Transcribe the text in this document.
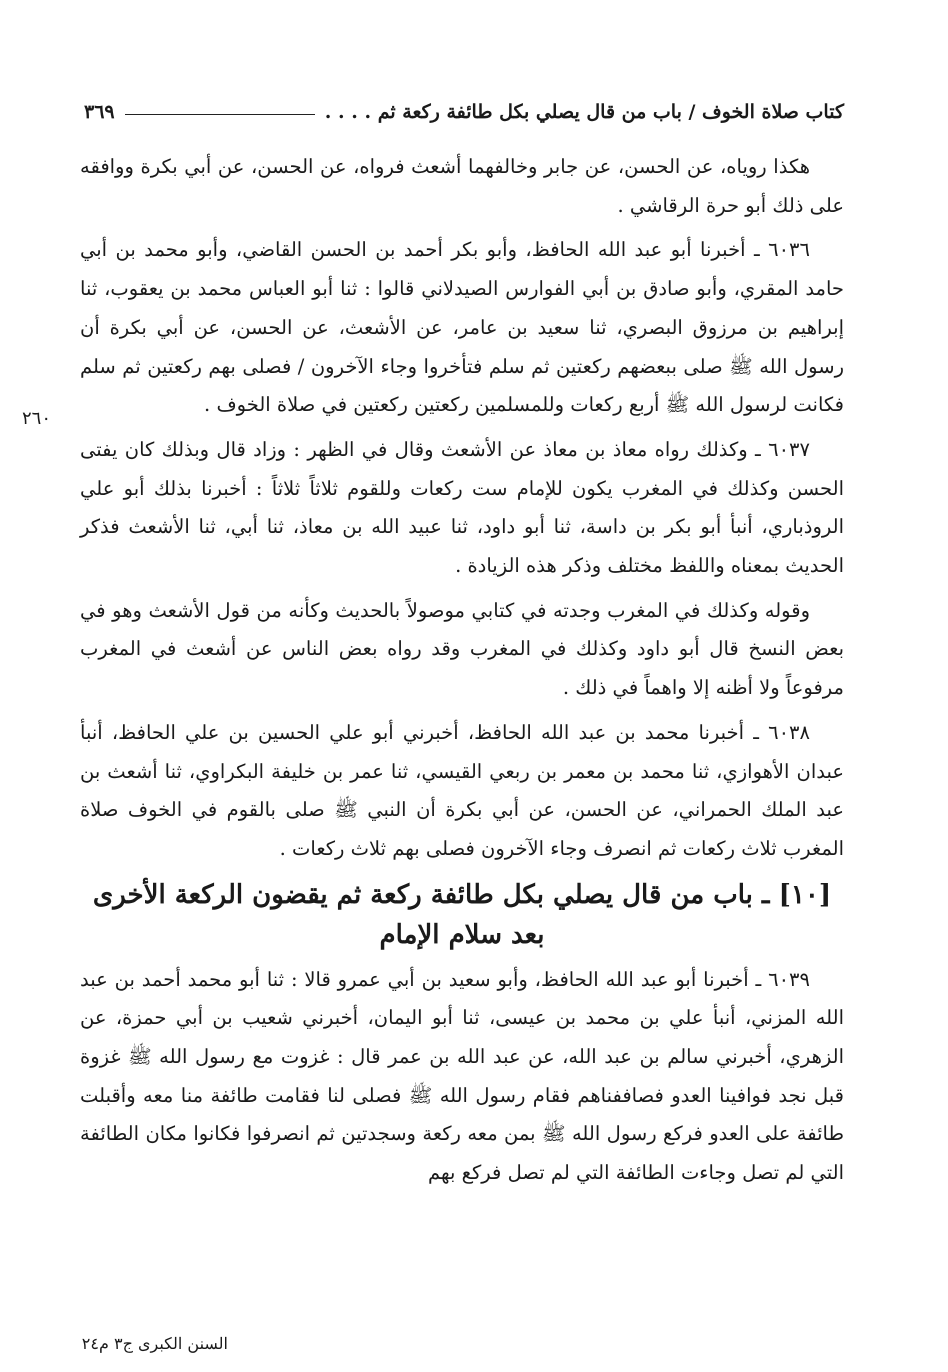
كتاب صلاة الخوف / باب من قال يصلي بكل طائفة ركعة ثم . . . .
٣٦٩
٢٦٠

هكذا روياه، عن الحسن، عن جابر وخالفهما أشعث فرواه، عن الحسن، عن أبي بكرة ووافقه على ذلك أبو حرة الرقاشي .

٦٠٣٦ ـ أخبرنا أبو عبد الله الحافظ، وأبو بكر أحمد بن الحسن القاضي، وأبو محمد بن أبي حامد المقري، وأبو صادق بن أبي الفوارس الصيدلاني قالوا : ثنا أبو العباس محمد بن يعقوب، ثنا إبراهيم بن مرزوق البصري، ثنا سعيد بن عامر، عن الأشعث، عن الحسن، عن أبي بكرة أن رسول الله ﷺ صلى ببعضهم ركعتين ثم سلم فتأخروا وجاء الآخرون / فصلى بهم ركعتين ثم سلم فكانت لرسول الله ﷺ أربع ركعات وللمسلمين ركعتين ركعتين في صلاة الخوف .

٦٠٣٧ ـ وكذلك رواه معاذ بن معاذ عن الأشعث وقال في الظهر : وزاد قال وبذلك كان يفتى الحسن وكذلك في المغرب يكون للإمام ست ركعات وللقوم ثلاثاً ثلاثاً : أخبرنا بذلك أبو علي الروذباري، أنبأ أبو بكر بن داسة، ثنا أبو داود، ثنا عبيد الله بن معاذ، ثنا أبي، ثنا الأشعث فذكر الحديث بمعناه واللفظ مختلف وذكر هذه الزيادة .

وقوله وكذلك في المغرب وجدته في كتابي موصولاً بالحديث وكأنه من قول الأشعث وهو في بعض النسخ قال أبو داود وكذلك في المغرب وقد رواه بعض الناس عن أشعث في المغرب مرفوعاً ولا أظنه إلا واهماً في ذلك .

٦٠٣٨ ـ أخبرنا محمد بن عبد الله الحافظ، أخبرني أبو علي الحسين بن علي الحافظ، أنبأ عبدان الأهوازي، ثنا محمد بن معمر بن ربعي القيسي، ثنا عمر بن خليفة البكراوي، ثنا أشعث بن عبد الملك الحمراني، عن الحسن، عن أبي بكرة أن النبي ﷺ صلى بالقوم في الخوف صلاة المغرب ثلاث ركعات ثم انصرف وجاء الآخرون فصلى بهم ثلاث ركعات .

[١٠] ـ باب من قال يصلي بكل طائفة ركعة ثم يقضون الركعة الأخرى بعد سلام الإمام

٦٠٣٩ ـ أخبرنا أبو عبد الله الحافظ، وأبو سعيد بن أبي عمرو قالا : ثنا أبو محمد أحمد بن عبد الله المزني، أنبأ علي بن محمد بن عيسى، ثنا أبو اليمان، أخبرني شعيب بن أبي حمزة، عن الزهري، أخبرني سالم بن عبد الله، عن عبد الله بن عمر قال : غزوت مع رسول الله ﷺ غزوة قبل نجد فوافينا العدو فصاففناهم فقام رسول الله ﷺ فصلى لنا فقامت طائفة منا معه وأقبلت طائفة على العدو فركع رسول الله ﷺ بمن معه ركعة وسجدتين ثم انصرفوا فكانوا مكان الطائفة التي لم تصل وجاءت الطائفة التي لم تصل فركع بهم

السنن الكبرى ج٣ م٢٤
